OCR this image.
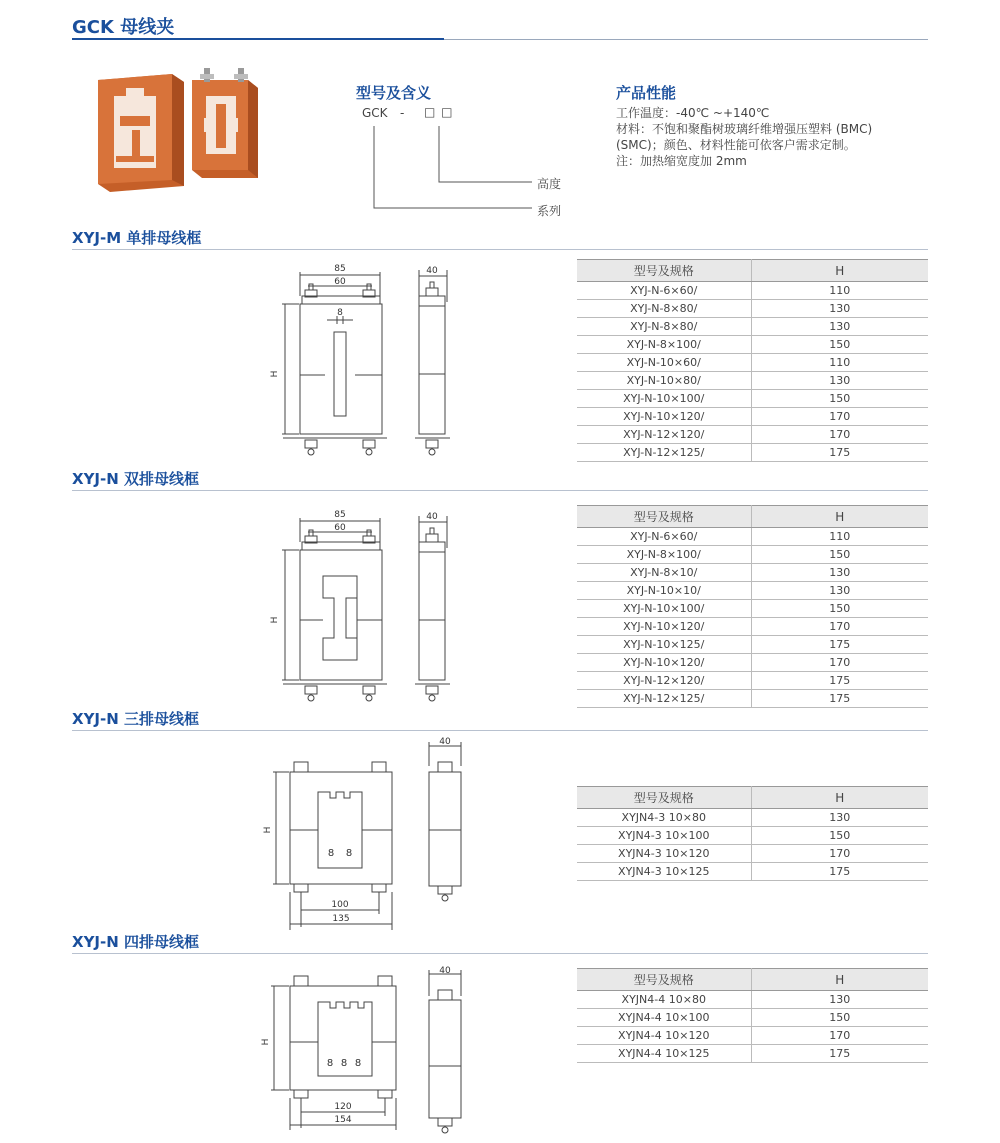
GCK 母线夹
型号及含义
GCK - □ □
高度
系列
产品性能
工作温度：-40℃ ~+140℃
材料：不饱和聚酯树玻璃纤维增强压塑料 (BMC)
(SMC)；颜色、材料性能可依客户需求定制。
注：加热缩宽度加 2mm
XYJ-M 单排母线框
85
60
8
H
40	型号及规格	H
XYJ-N-6×60/	110
XYJ-N-8×80/	130
XYJ-N-8×80/	130
XYJ-N-8×100/	150
XYJ-N-10×60/	110
XYJ-N-10×80/	130
XYJ-N-10×100/	150
XYJ-N-10×120/	170
XYJ-N-12×120/	170
XYJ-N-12×125/	175
XYJ-N 双排母线框
85
60
H
40	型号及规格	H
XYJ-N-6×60/	110
XYJ-N-8×100/	150
XYJ-N-8×10/	130
XYJ-N-10×10/	130
XYJ-N-10×100/	150
XYJ-N-10×120/	170
XYJ-N-10×125/	175
XYJ-N-10×120/	170
XYJ-N-12×120/	175
XYJ-N-12×125/	175
XYJ-N 三排母线框
8 8
H
100
135
40
型号及规格	H
XYJN4-3 10×80	130
XYJN4-3 10×100	150
XYJN4-3 10×120	170
XYJN4-3 10×125	175
XYJ-N 四排母线框
8 8 8
H
120
154
40
型号及规格	H
XYJN4-4 10×80	130
XYJN4-4 10×100	150
XYJN4-4 10×120	170
XYJN4-4 10×125	175
